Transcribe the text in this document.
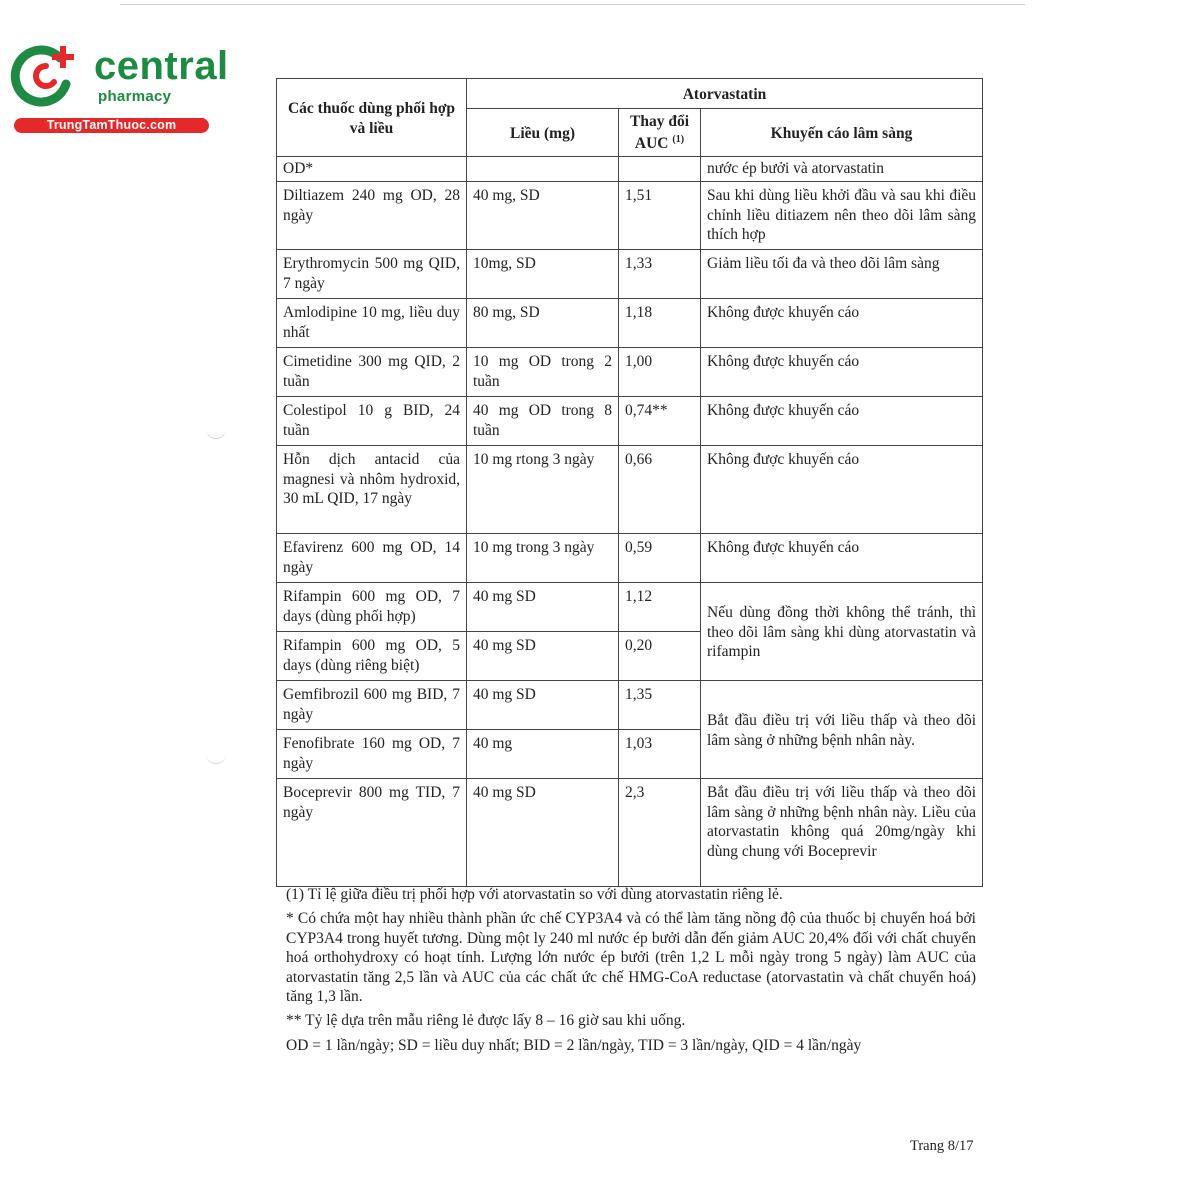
central
pharmacy
TrungTamThuoc.com
Các thuốc dùng phối hợp và liều	Atorvastatin		
	Liều (mg)	Thay đổi AUC $^{(1)}$	Khuyến cáo lâm sàng
OD*			nước ép bưởi và atorvastatin
Diltiazem 240 mg OD, 28 ngày	40 mg, SD	1,51	Sau khi dùng liều khởi đầu và sau khi điều chỉnh liều ditiazem nên theo dõi lâm sàng thích hợp
Erythromycin 500 mg QID, 7 ngày	10mg, SD	1,33	Giảm liều tối đa và theo dõi lâm sàng
Amlodipine 10 mg, liều duy nhất	80 mg, SD	1,18	Không được khuyến cáo
Cimetidine 300 mg QID, 2 tuần	10 mg OD trong 2 tuần	1,00	Không được khuyến cáo
Colestipol 10 g BID, 24 tuần	40 mg OD trong 8 tuần	0,74**	Không được khuyến cáo
Hỗn dịch antacid của magnesi và nhôm hydroxid, 30 mL QID, 17 ngày	10 mg rtong 3 ngày	0,66	Không được khuyến cáo
Efavirenz 600 mg OD, 14 ngày	10 mg trong 3 ngày	0,59	Không được khuyến cáo
Rifampin 600 mg OD, 7 days (dùng phối hợp)	40 mg SD	1,12	Nếu dùng đồng thời không thể tránh, thì theo dõi lâm sàng khi dùng atorvastatin và rifampin
Rifampin 600 mg OD, 5 days (dùng riêng biệt)	40 mg SD	0,20	
Gemfibrozil 600 mg BID, 7 ngày	40 mg SD	1,35	Bắt đầu điều trị với liều thấp và theo dõi lâm sàng ở những bệnh nhân này.
Fenofibrate 160 mg OD, 7 ngày	40 mg	1,03	
Boceprevir 800 mg TID, 7 ngày	40 mg SD	2,3	Bắt đầu điều trị với liều thấp và theo dõi lâm sàng ở những bệnh nhân này. Liều của atorvastatin không quá 20mg/ngày khi dùng chung với Boceprevir

(1) Tỉ lệ giữa điều trị phối hợp với atorvastatin so với dùng atorvastatin riêng lẻ.

* Có chứa một hay nhiều thành phần ức chế CYP3A4 và có thể làm tăng nồng độ của thuốc bị chuyển hoá bởi CYP3A4 trong huyết tương. Dùng một ly 240 ml nước ép bưởi dẫn đến giảm AUC 20,4% đối với chất chuyển hoá orthohydroxy có hoạt tính. Lượng lớn nước ép bưởi (trên 1,2 L mỗi ngày trong 5 ngày) làm AUC của atorvastatin tăng 2,5 lần và AUC của các chất ức chế HMG-CoA reductase (atorvastatin và chất chuyển hoá) tăng 1,3 lần.

** Tỷ lệ dựa trên mẫu riêng lẻ được lấy 8 – 16 giờ sau khi uống.

OD = 1 lần/ngày; SD = liều duy nhất; BID = 2 lần/ngày, TID = 3 lần/ngày, QID = 4 lần/ngày

Trang 8/17
